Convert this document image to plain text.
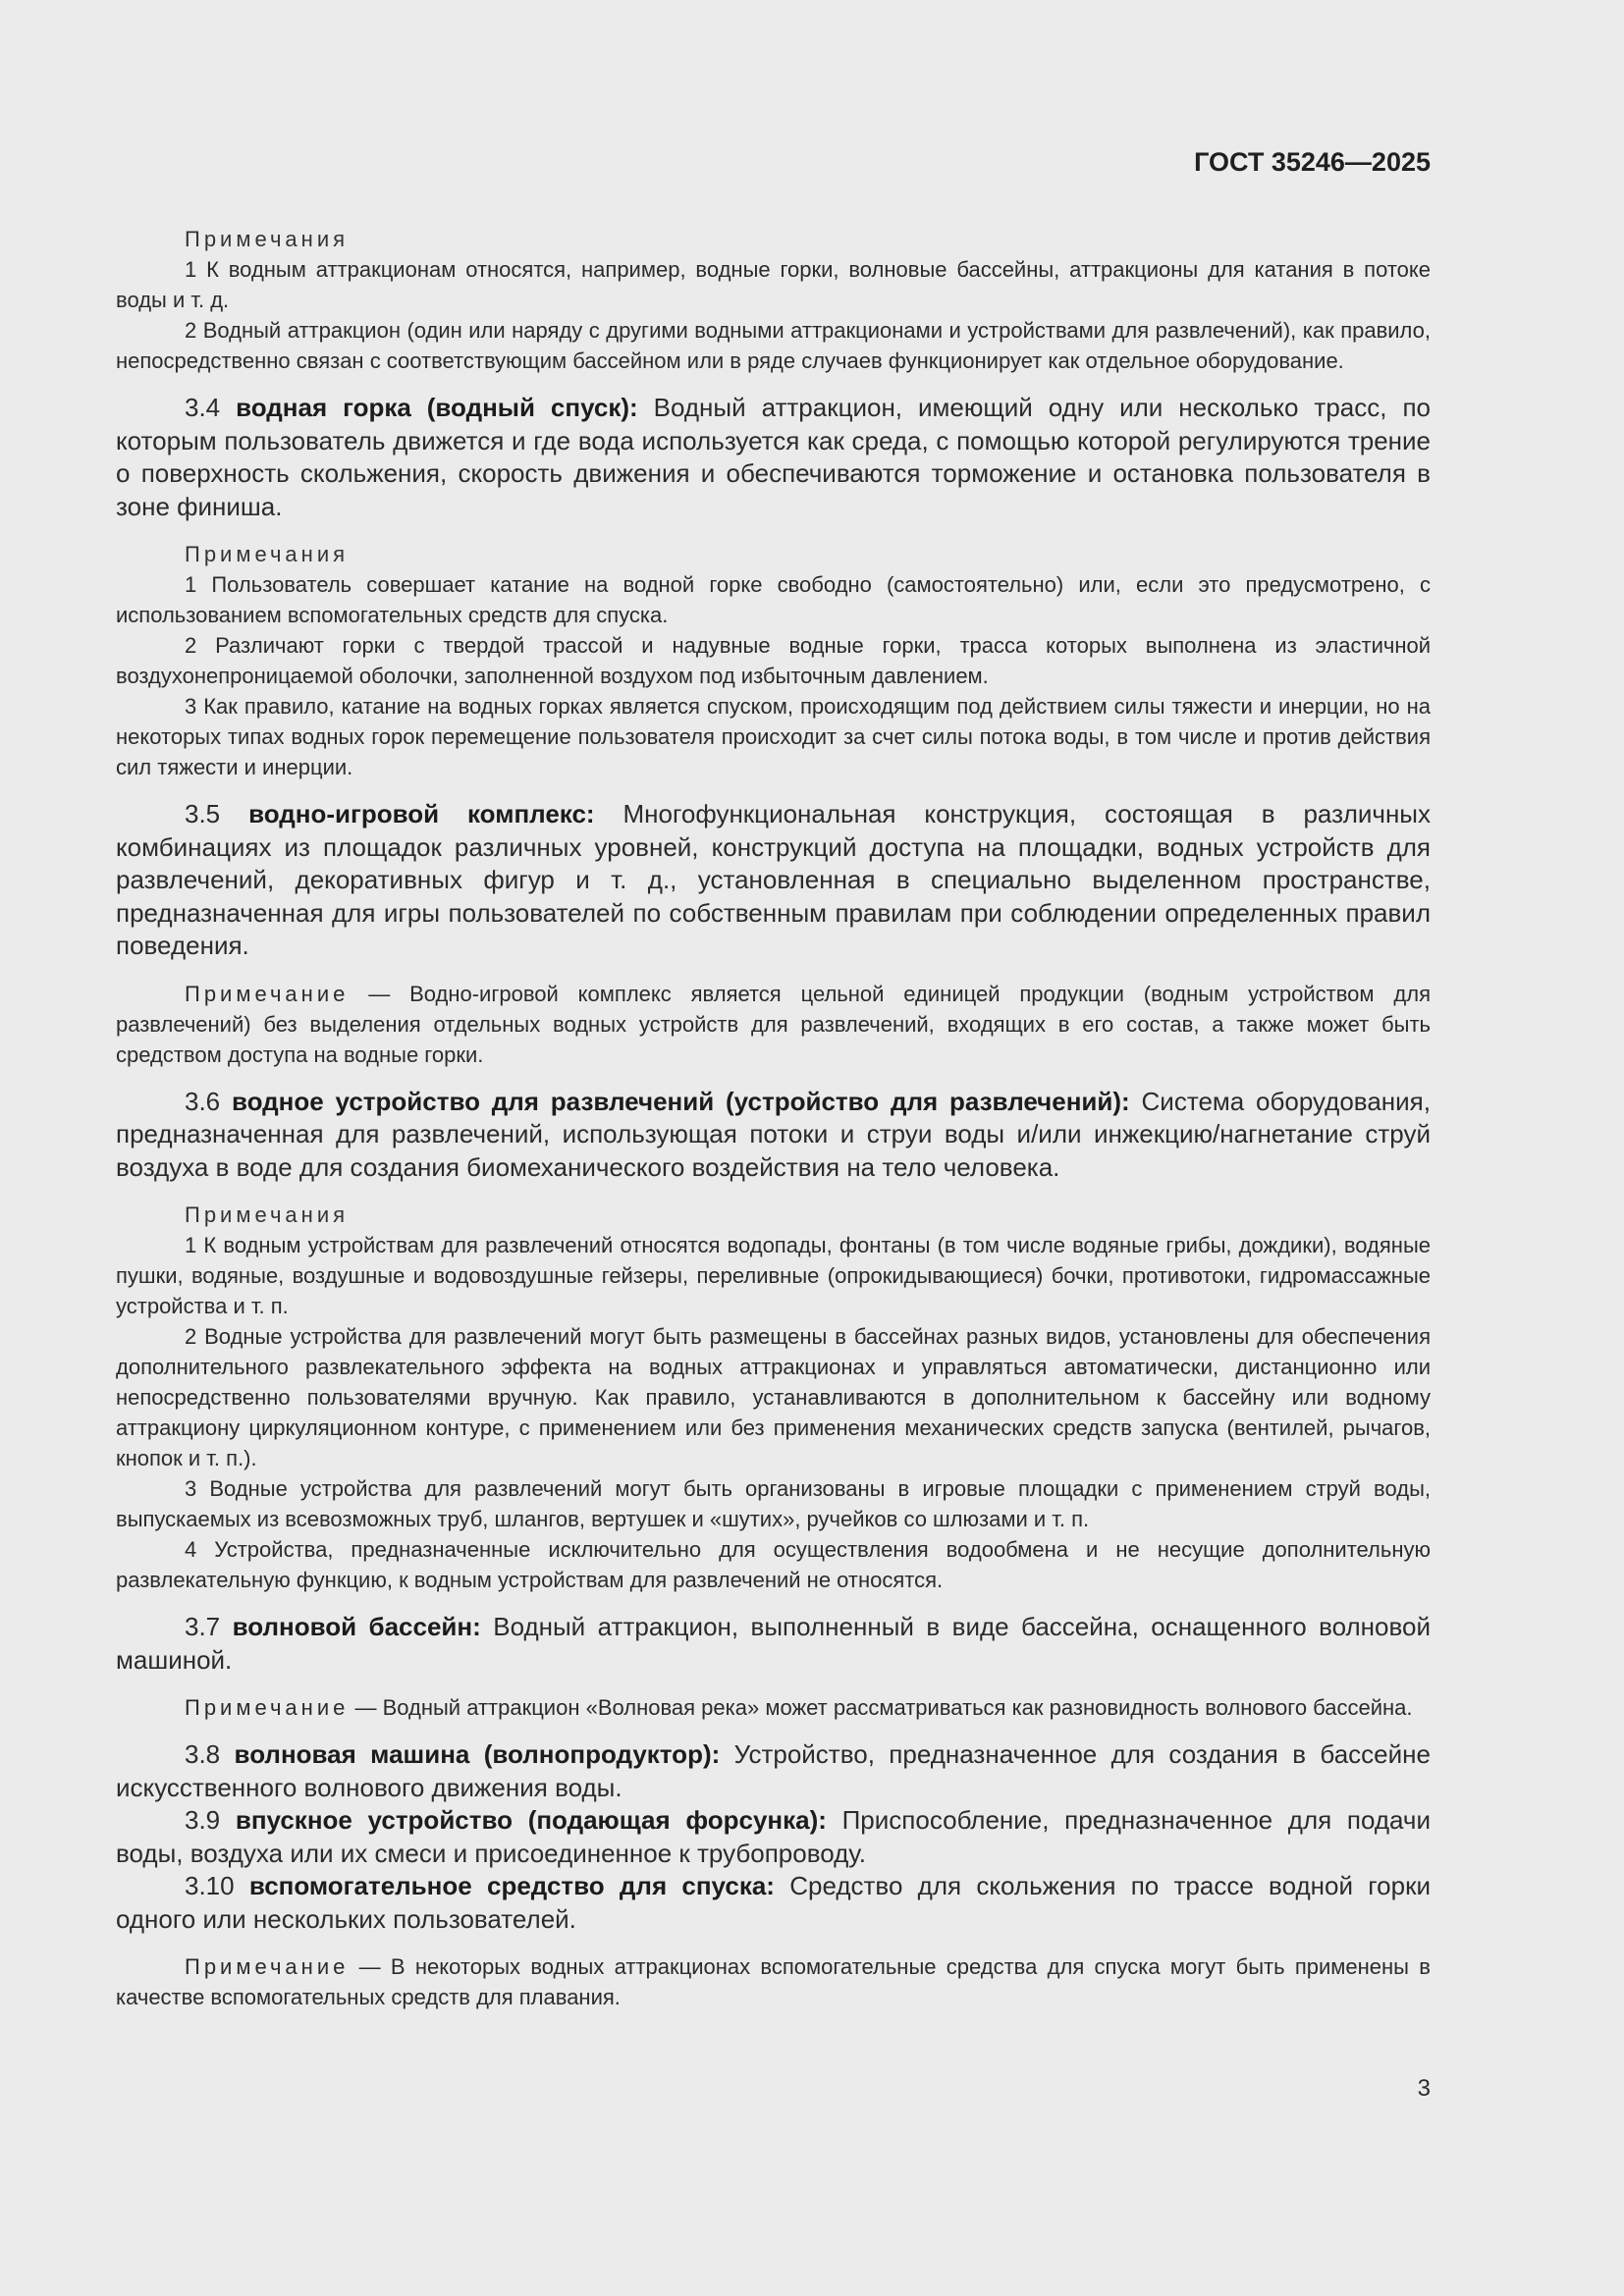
ГОСТ 35246—2025

Примечания

1 К водным аттракционам относятся, например, водные горки, волновые бассейны, аттракционы для катания в потоке воды и т. д.

2 Водный аттракцион (один или наряду с другими водными аттракционами и устройствами для развлечений), как правило, непосредственно связан с соответствующим бассейном или в ряде случаев функционирует как отдельное оборудование.

3.4 водная горка (водный спуск): Водный аттракцион, имеющий одну или несколько трасс, по которым пользователь движется и где вода используется как среда, с помощью которой регулируются трение о поверхность скольжения, скорость движения и обеспечиваются торможение и остановка пользователя в зоне финиша.

Примечания

1 Пользователь совершает катание на водной горке свободно (самостоятельно) или, если это предусмотрено, с использованием вспомогательных средств для спуска.

2 Различают горки с твердой трассой и надувные водные горки, трасса которых выполнена из эластичной воздухонепроницаемой оболочки, заполненной воздухом под избыточным давлением.

3 Как правило, катание на водных горках является спуском, происходящим под действием силы тяжести и инерции, но на некоторых типах водных горок перемещение пользователя происходит за счет силы потока воды, в том числе и против действия сил тяжести и инерции.

3.5 водно-игровой комплекс: Многофункциональная конструкция, состоящая в различных комбинациях из площадок различных уровней, конструкций доступа на площадки, водных устройств для развлечений, декоративных фигур и т. д., установленная в специально выделенном пространстве, предназначенная для игры пользователей по собственным правилам при соблюдении определенных правил поведения.

Примечание — Водно-игровой комплекс является цельной единицей продукции (водным устройством для развлечений) без выделения отдельных водных устройств для развлечений, входящих в его состав, а также может быть средством доступа на водные горки.

3.6 водное устройство для развлечений (устройство для развлечений): Система оборудования, предназначенная для развлечений, использующая потоки и струи воды и/или инжекцию/нагнетание струй воздуха в воде для создания биомеханического воздействия на тело человека.

Примечания

1 К водным устройствам для развлечений относятся водопады, фонтаны (в том числе водяные грибы, дождики), водяные пушки, водяные, воздушные и водовоздушные гейзеры, переливные (опрокидывающиеся) бочки, противотоки, гидромассажные устройства и т. п.

2 Водные устройства для развлечений могут быть размещены в бассейнах разных видов, установлены для обеспечения дополнительного развлекательного эффекта на водных аттракционах и управляться автоматически, дистанционно или непосредственно пользователями вручную. Как правило, устанавливаются в дополнительном к бассейну или водному аттракциону циркуляционном контуре, с применением или без применения механических средств запуска (вентилей, рычагов, кнопок и т. п.).

3 Водные устройства для развлечений могут быть организованы в игровые площадки с применением струй воды, выпускаемых из всевозможных труб, шлангов, вертушек и «шутих», ручейков со шлюзами и т. п.

4 Устройства, предназначенные исключительно для осуществления водообмена и не несущие дополнительную развлекательную функцию, к водным устройствам для развлечений не относятся.

3.7 волновой бассейн: Водный аттракцион, выполненный в виде бассейна, оснащенного волновой машиной.

Примечание — Водный аттракцион «Волновая река» может рассматриваться как разновидность волнового бассейна.

3.8 волновая машина (волнопродуктор): Устройство, предназначенное для создания в бассейне искусственного волнового движения воды.

3.9 впускное устройство (подающая форсунка): Приспособление, предназначенное для подачи воды, воздуха или их смеси и присоединенное к трубопроводу.

3.10 вспомогательное средство для спуска: Средство для скольжения по трассе водной горки одного или нескольких пользователей.

Примечание — В некоторых водных аттракционах вспомогательные средства для спуска могут быть применены в качестве вспомогательных средств для плавания.

3
